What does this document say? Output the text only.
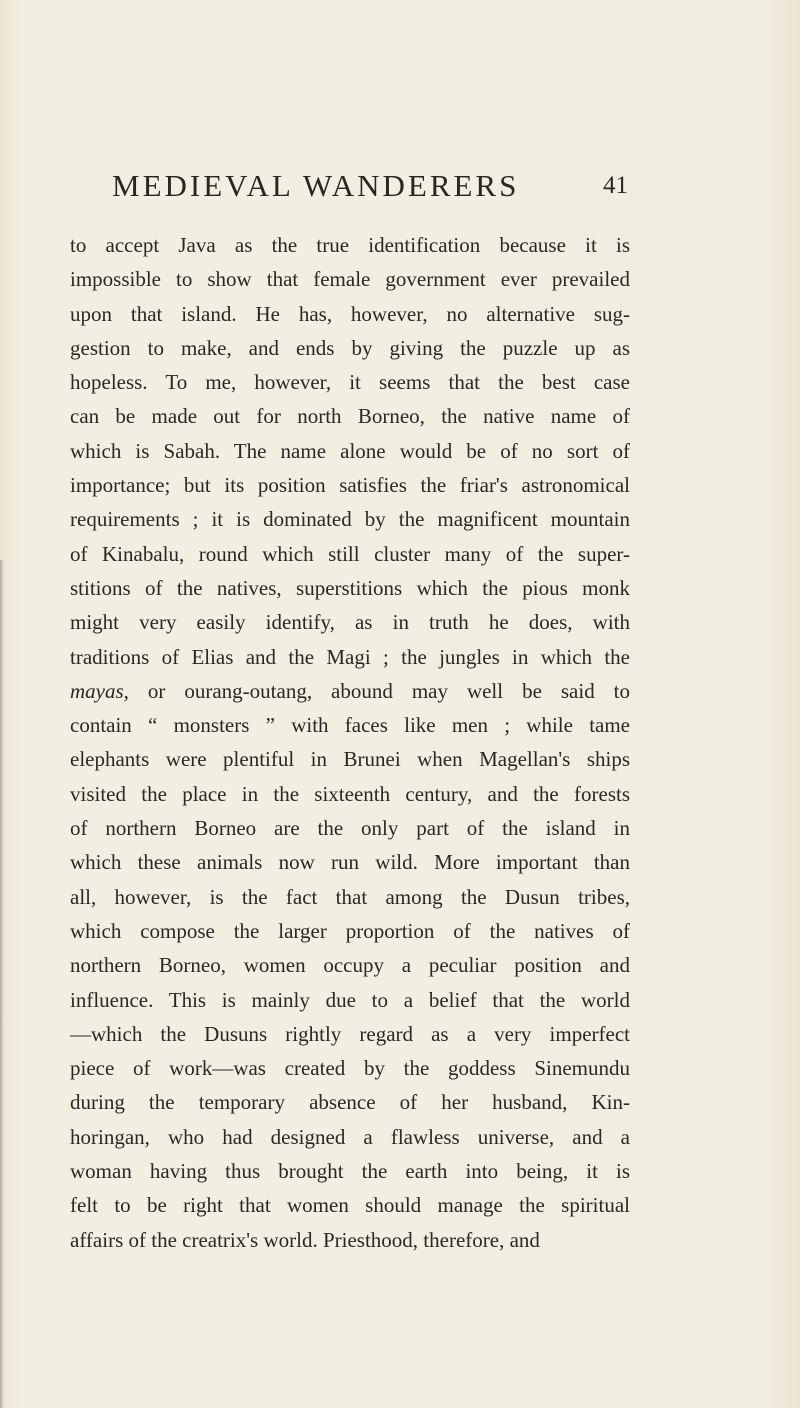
MEDIEVAL WANDERERS	41
to accept Java as the true identification because it is
impossible to show that female government ever prevailed
upon that island. He has, however, no alternative sug-
gestion to make, and ends by giving the puzzle up as
hopeless. To me, however, it seems that the best case
can be made out for north Borneo, the native name of
which is Sabah. The name alone would be of no sort of
importance; but its position satisfies the friar's astronomical
requirements ; it is dominated by the magnificent mountain
of Kinabalu, round which still cluster many of the super-
stitions of the natives, superstitions which the pious monk
might very easily identify, as in truth he does, with
traditions of Elias and the Magi ; the jungles in which the
mayas, or ourang-outang, abound may well be said to
contain “ monsters ” with faces like men ; while tame
elephants were plentiful in Brunei when Magellan's ships
visited the place in the sixteenth century, and the forests
of northern Borneo are the only part of the island in
which these animals now run wild. More important than
all, however, is the fact that among the Dusun tribes,
which compose the larger proportion of the natives of
northern Borneo, women occupy a peculiar position and
influence. This is mainly due to a belief that the world
—which the Dusuns rightly regard as a very imperfect
piece of work—was created by the goddess Sinemundu
during the temporary absence of her husband, Kin-
horingan, who had designed a flawless universe, and a
woman having thus brought the earth into being, it is
felt to be right that women should manage the spiritual
affairs of the creatrix's world. Priesthood, therefore, and
